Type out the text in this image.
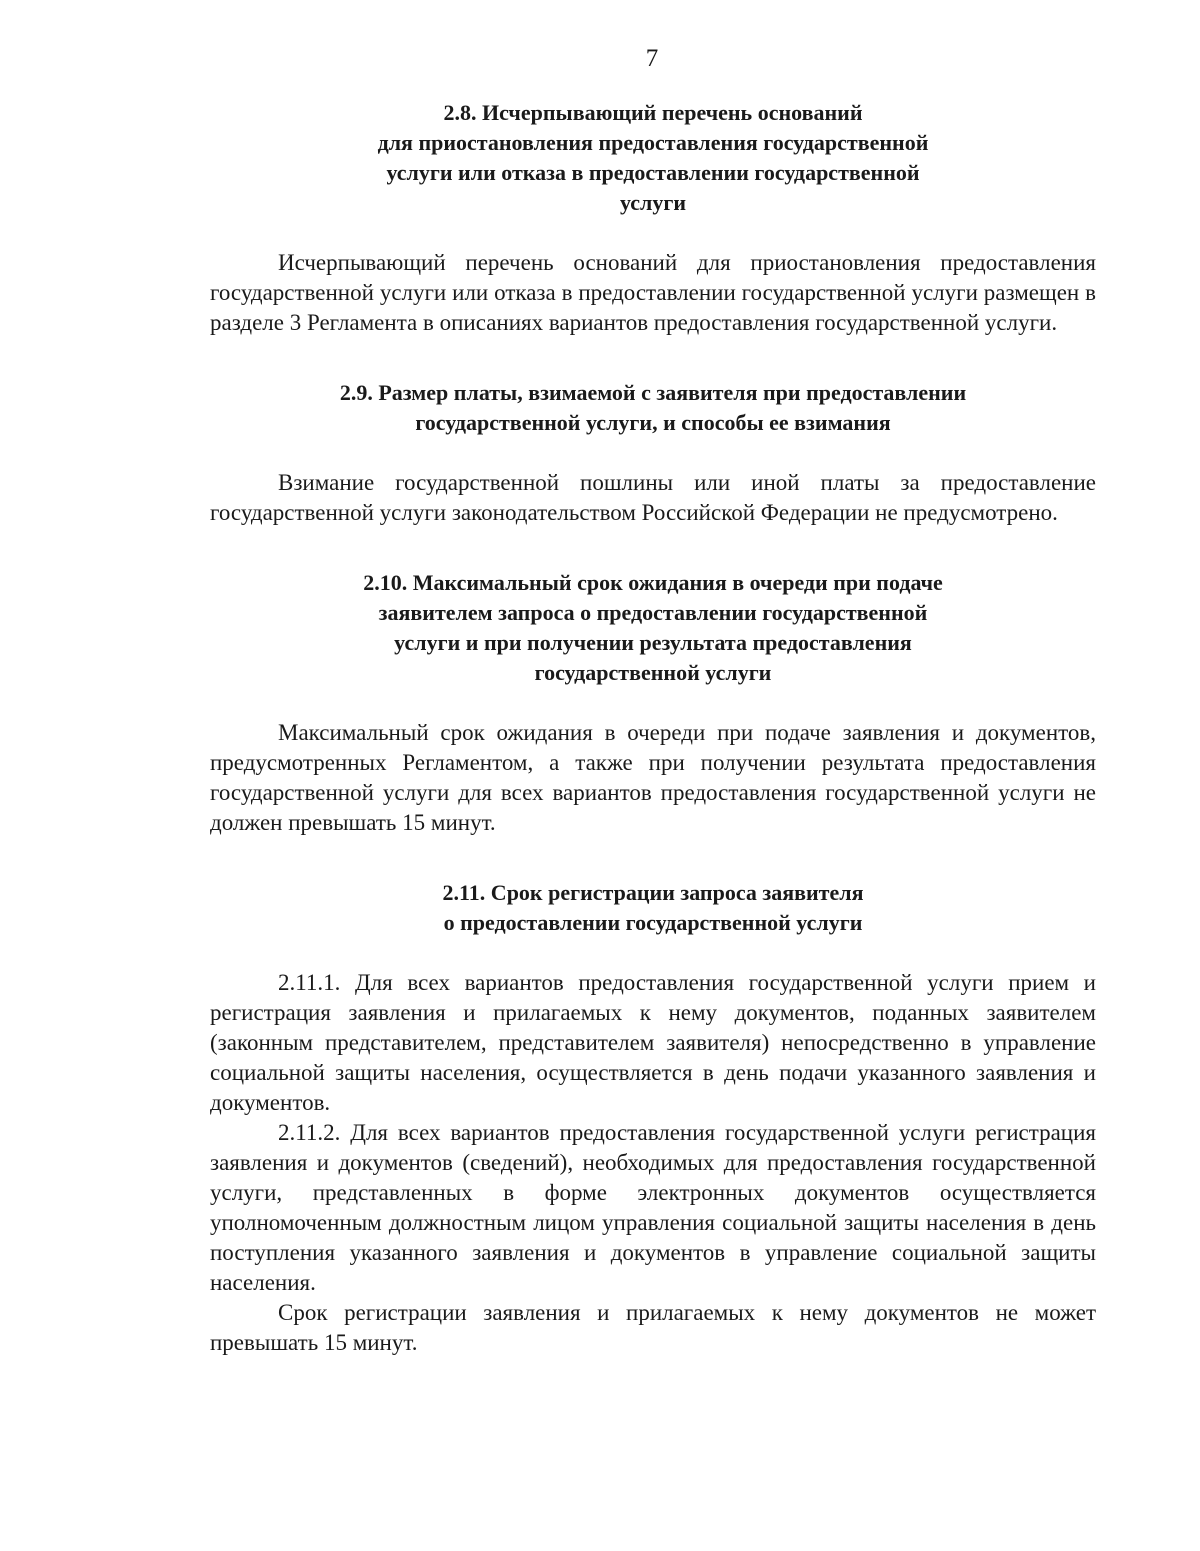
7
2.8. Исчерпывающий перечень оснований
для приостановления предоставления государственной
услуги или отказа в предоставлении государственной
услуги

Исчерпывающий перечень оснований для приостановления предоставления государственной услуги или отказа в предоставлении государственной услуги размещен в разделе 3 Регламента в описаниях вариантов предоставления государственной услуги.

2.9. Размер платы, взимаемой с заявителя при предоставлении
государственной услуги, и способы ее взимания

Взимание государственной пошлины или иной платы за предоставление государственной услуги законодательством Российской Федерации не предусмотрено.

2.10. Максимальный срок ожидания в очереди при подаче
заявителем запроса о предоставлении государственной
услуги и при получении результата предоставления
государственной услуги

Максимальный срок ожидания в очереди при подаче заявления и документов, предусмотренных Регламентом, а также при получении результата предоставления государственной услуги для всех вариантов предоставления государственной услуги не должен превышать 15 минут.

2.11. Срок регистрации запроса заявителя
о предоставлении государственной услуги

2.11.1. Для всех вариантов предоставления государственной услуги прием и регистрация заявления и прилагаемых к нему документов, поданных заявителем (законным представителем, представителем заявителя) непосредственно в управление социальной защиты населения, осуществляется в день подачи указанного заявления и документов.

2.11.2. Для всех вариантов предоставления государственной услуги регистрация заявления и документов (сведений), необходимых для предоставления государственной услуги, представленных в форме электронных документов осуществляется уполномоченным должностным лицом управления социальной защиты населения в день поступления указанного заявления и документов в управление социальной защиты населения.

Срок регистрации заявления и прилагаемых к нему документов не может превышать 15 минут.
